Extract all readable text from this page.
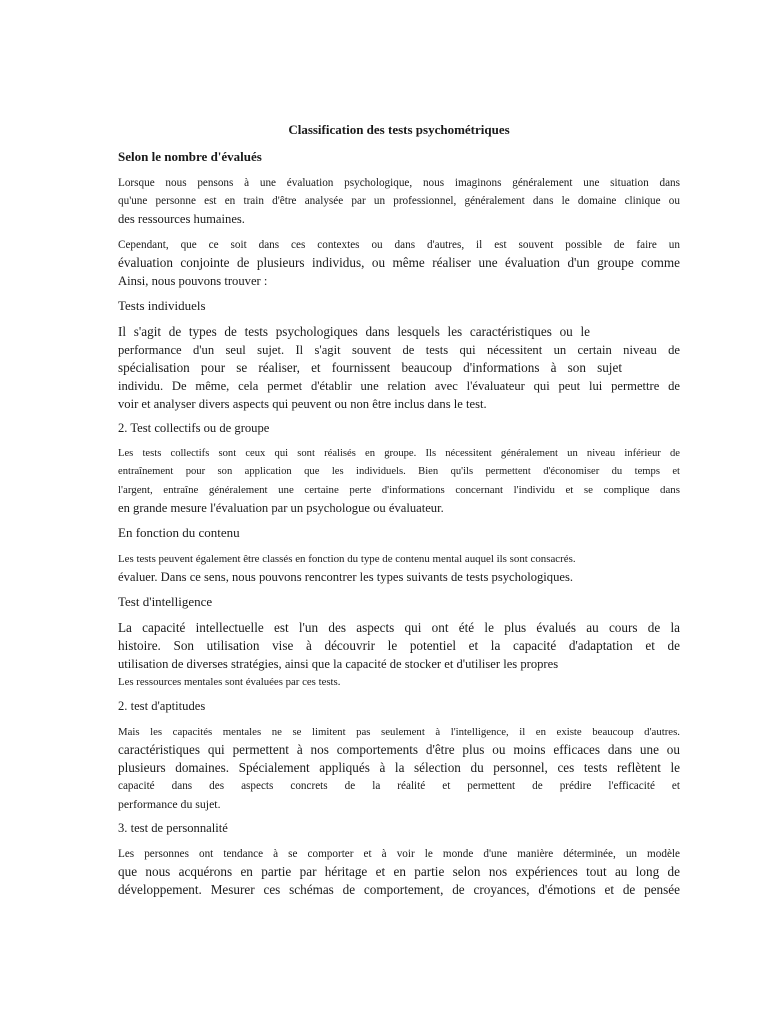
Classification des tests psychométriques
Selon le nombre d'évalués
Lorsque nous pensons à une évaluation psychologique, nous imaginons généralement une situation dans
qu'une personne est en train d'être analysée par un professionnel, généralement dans le domaine clinique ou
des ressources humaines.
Cependant, que ce soit dans ces contextes ou dans d'autres, il est souvent possible de faire un
évaluation conjointe de plusieurs individus, ou même réaliser une évaluation d'un groupe comme
Ainsi, nous pouvons trouver :
Tests individuels
Il s'agit de types de tests psychologiques dans lesquels les caractéristiques ou le
performance d'un seul sujet. Il s'agit souvent de tests qui nécessitent un certain niveau de
spécialisation pour se réaliser, et fournissent beaucoup d'informations à son sujet
individu. De même, cela permet d'établir une relation avec l'évaluateur qui peut lui permettre de
voir et analyser divers aspects qui peuvent ou non être inclus dans le test.
2. Test collectifs ou de groupe
Les tests collectifs sont ceux qui sont réalisés en groupe. Ils nécessitent généralement un niveau inférieur de
entraînement pour son application que les individuels. Bien qu'ils permettent d'économiser du temps et
l'argent, entraîne généralement une certaine perte d'informations concernant l'individu et se complique dans
en grande mesure l'évaluation par un psychologue ou évaluateur.
En fonction du contenu
Les tests peuvent également être classés en fonction du type de contenu mental auquel ils sont consacrés.
évaluer. Dans ce sens, nous pouvons rencontrer les types suivants de tests psychologiques.
Test d'intelligence
La capacité intellectuelle est l'un des aspects qui ont été le plus évalués au cours de la
histoire. Son utilisation vise à découvrir le potentiel et la capacité d'adaptation et de
utilisation de diverses stratégies, ainsi que la capacité de stocker et d'utiliser les propres
Les ressources mentales sont évaluées par ces tests.
2. test d'aptitudes
Mais les capacités mentales ne se limitent pas seulement à l'intelligence, il en existe beaucoup d'autres.
caractéristiques qui permettent à nos comportements d'être plus ou moins efficaces dans une ou
plusieurs domaines. Spécialement appliqués à la sélection du personnel, ces tests reflètent le
capacité dans des aspects concrets de la réalité et permettent de prédire l'efficacité et
performance du sujet.
3. test de personnalité
Les personnes ont tendance à se comporter et à voir le monde d'une manière déterminée, un modèle
que nous acquérons en partie par héritage et en partie selon nos expériences tout au long de
développement. Mesurer ces schémas de comportement, de croyances, d'émotions et de pensée
